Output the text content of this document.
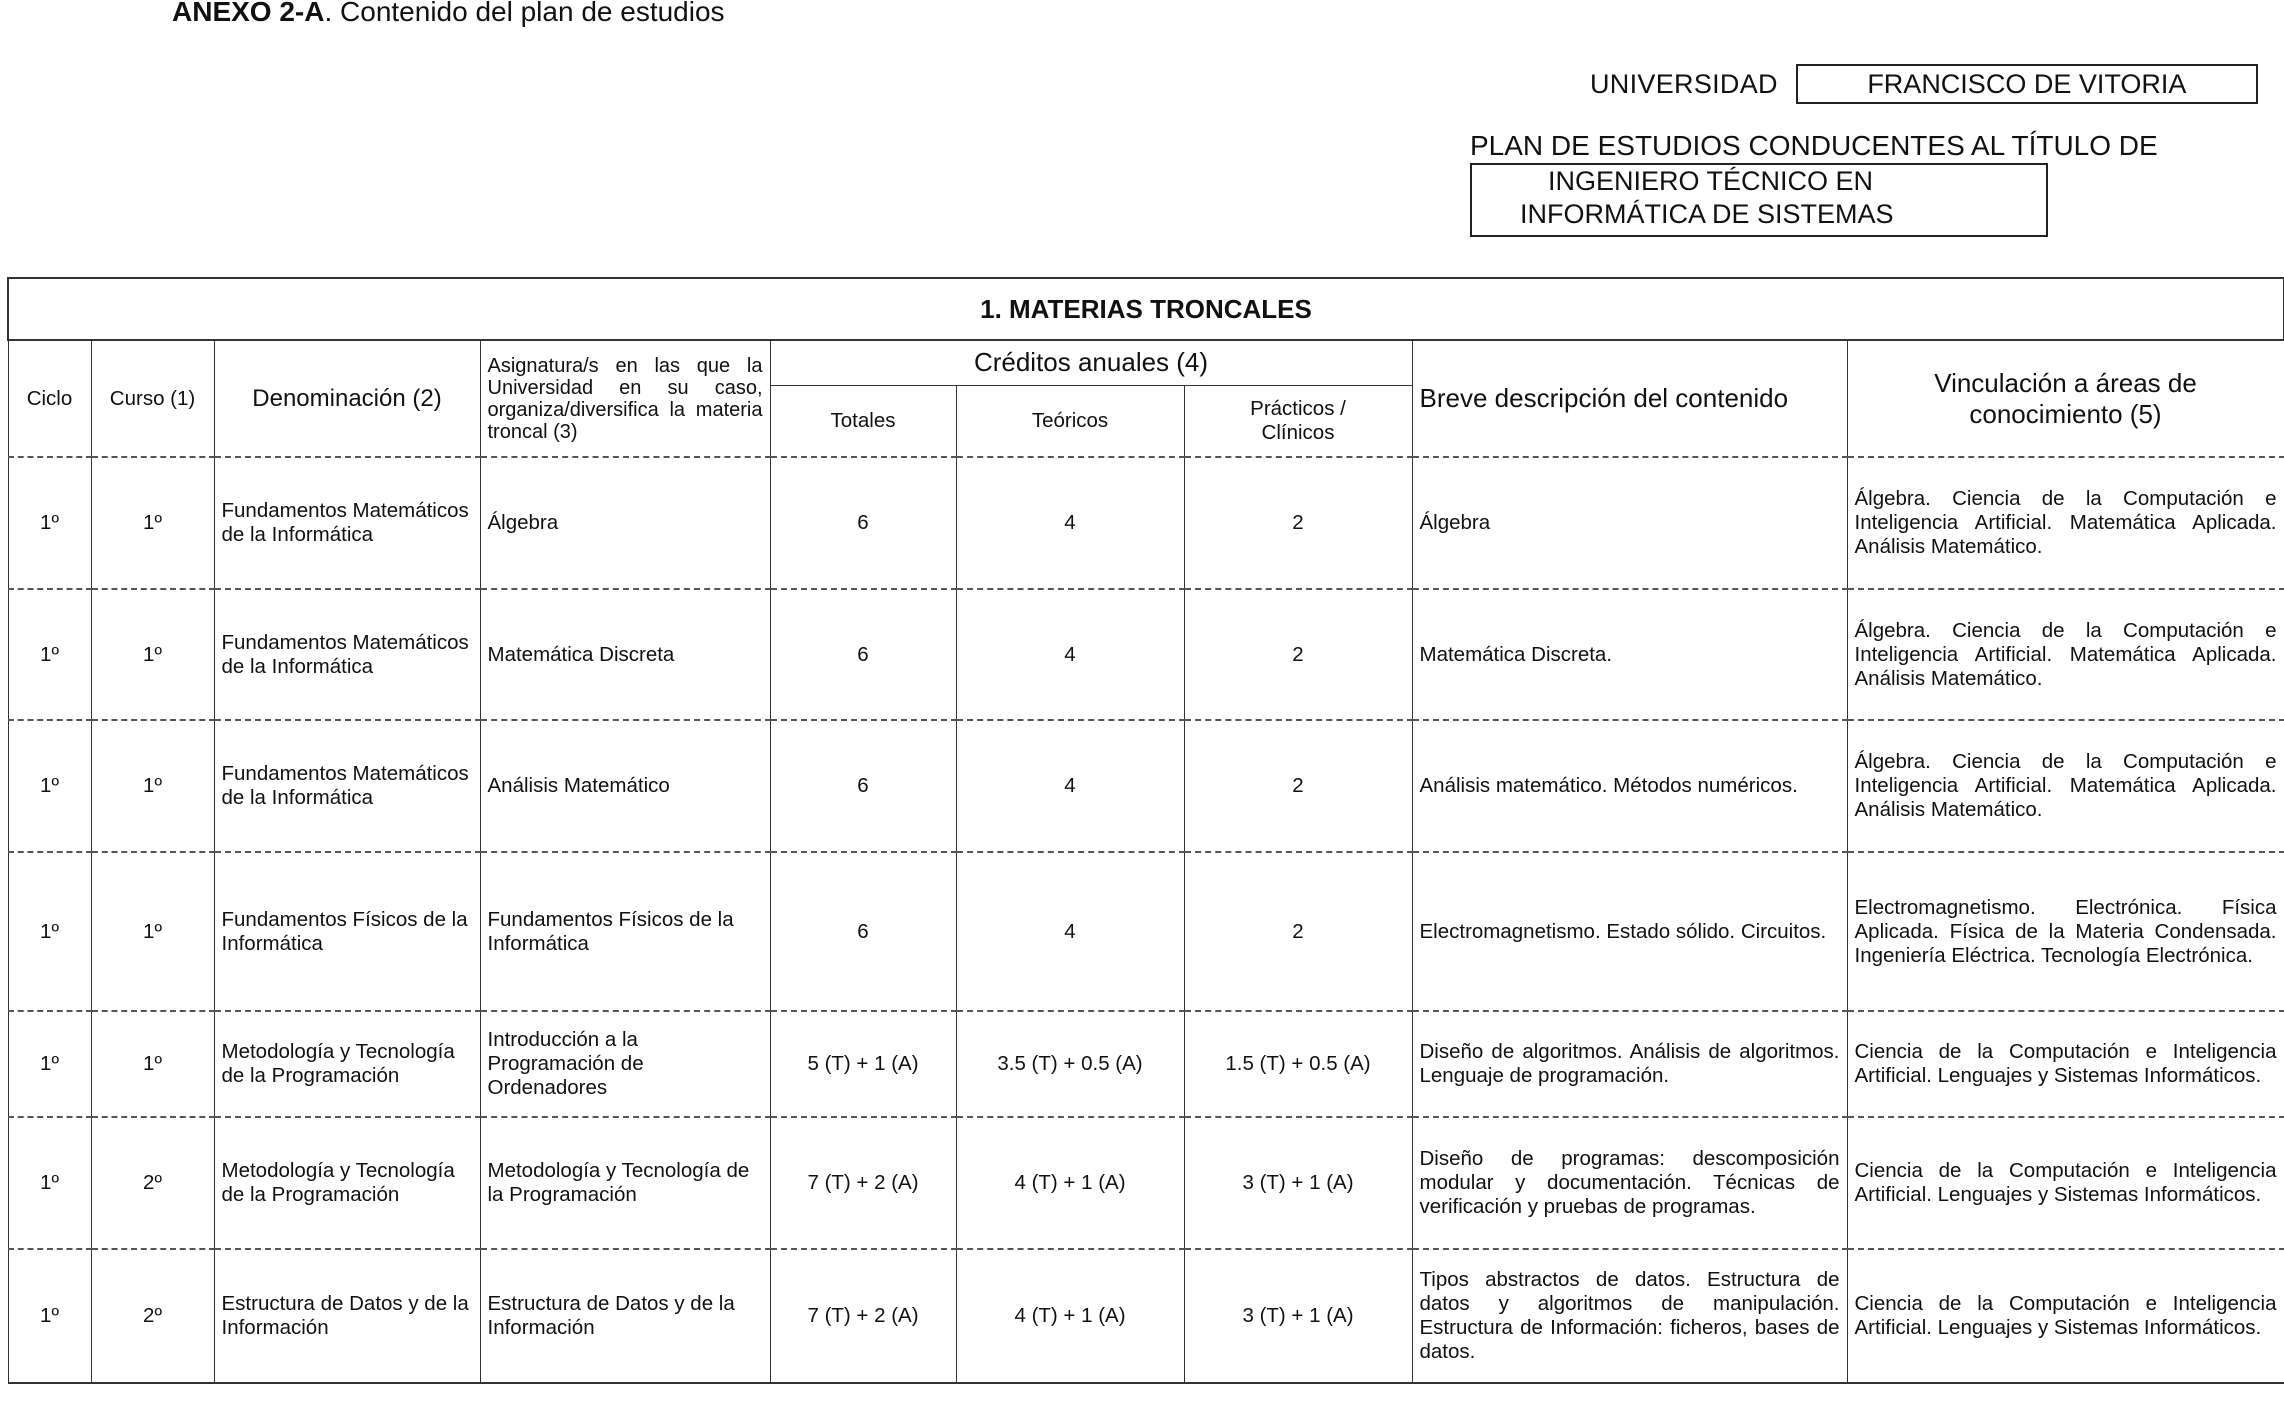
ANEXO 2-A. Contenido del plan de estudios
UNIVERSIDAD	FRANCISCO DE VITORIA
PLAN DE ESTUDIOS CONDUCENTES AL TÍTULO DE
INGENIERO TÉCNICO EN
INFORMÁTICA DE SISTEMAS
1. MATERIAS TRONCALES								
Ciclo	Curso (1)	Denominación (2)	Asignatura/s en las que la Universidad en su caso, organiza/diversifica la materia troncal (3)	Créditos anuales (4)			Breve descripción del contenido	Vinculación a áreas de conocimiento (5)
				Totales	Teóricos	Prácticos / Clínicos		
1º	1º	Fundamentos Matemáticos de la Informática	Álgebra	6	4	2	Álgebra	Álgebra. Ciencia de la Computación e Inteligencia Artificial. Matemática Aplicada. Análisis Matemático.
1º	1º	Fundamentos Matemáticos de la Informática	Matemática Discreta	6	4	2	Matemática Discreta.	Álgebra. Ciencia de la Computación e Inteligencia Artificial. Matemática Aplicada. Análisis Matemático.
1º	1º	Fundamentos Matemáticos de la Informática	Análisis Matemático	6	4	2	Análisis matemático. Métodos numéricos.	Álgebra. Ciencia de la Computación e Inteligencia Artificial. Matemática Aplicada. Análisis Matemático.
1º	1º	Fundamentos Físicos de la Informática	Fundamentos Físicos de la Informática	6	4	2	Electromagnetismo. Estado sólido. Circuitos.	Electromagnetismo. Electrónica. Física Aplicada. Física de la Materia Condensada. Ingeniería Eléctrica. Tecnología Electrónica.
1º	1º	Metodología y Tecnología de la Programación	Introducción a la Programación de Ordenadores	5 (T) + 1 (A)	3.5 (T) + 0.5 (A)	1.5 (T) + 0.5 (A)	Diseño de algoritmos. Análisis de algoritmos. Lenguaje de programación.	Ciencia de la Computación e Inteligencia Artificial. Lenguajes y Sistemas Informáticos.
1º	2º	Metodología y Tecnología de la Programación	Metodología y Tecnología de la Programación	7 (T) + 2 (A)	4 (T) + 1 (A)	3 (T) + 1 (A)	Diseño de programas: descomposición modular y documentación. Técnicas de verificación y pruebas de programas.	Ciencia de la Computación e Inteligencia Artificial. Lenguajes y Sistemas Informáticos.
1º	2º	Estructura de Datos y de la Información	Estructura de Datos y de la Información	7 (T) + 2 (A)	4 (T) + 1 (A)	3 (T) + 1 (A)	Tipos abstractos de datos. Estructura de datos y algoritmos de manipulación. Estructura de Información: ficheros, bases de datos.	Ciencia de la Computación e Inteligencia Artificial. Lenguajes y Sistemas Informáticos.
